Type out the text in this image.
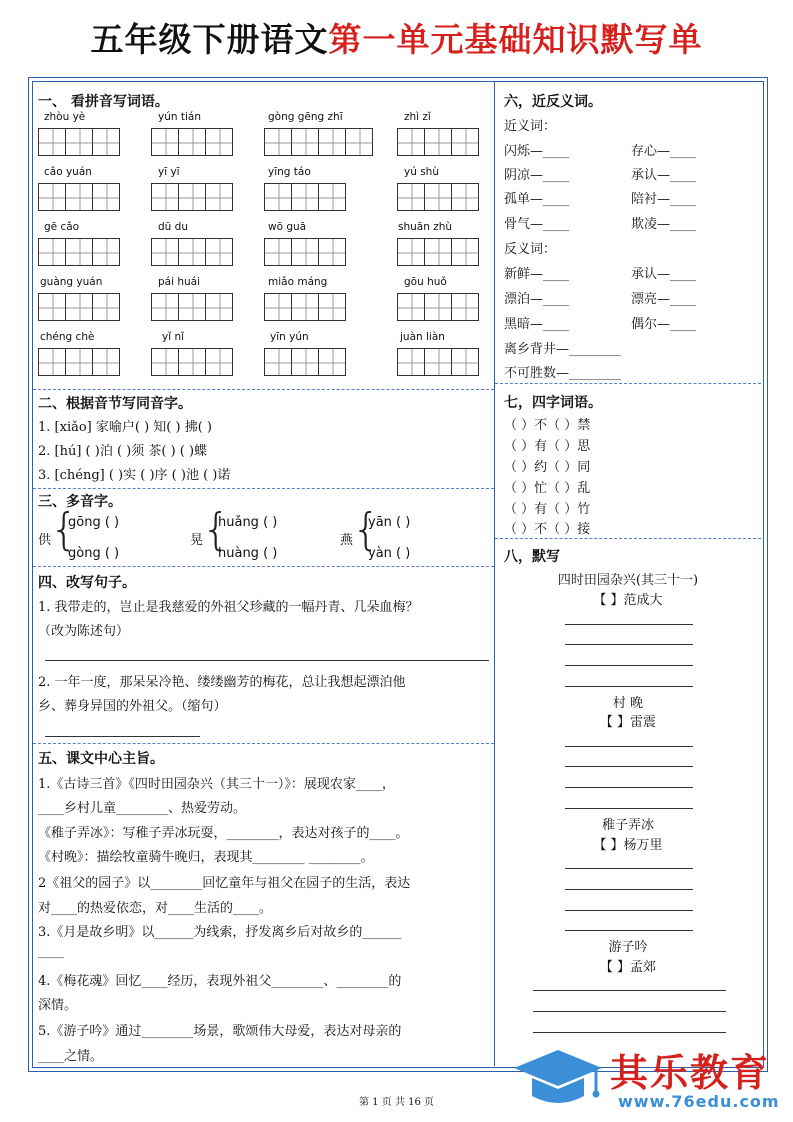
五年级下册语文第一单元基础知识默写单
一、 看拼音写词语。
zhòu yè	yún tián	gòng gēng zhī	zhì zǐ
cǎo yuán	yī yī	yīng táo	yú shù
gē cǎo	dū du	wō guā	shuān zhù
guàng yuán	pái huái	miǎo máng	gōu huǒ
chéng chè	yǐ nǐ	yīn yún	juàn liàn
二、根据音节写同音字。
1. [xiǎo] 家喻户( ) 知( ) 拂( )
2. [hú] ( )泊 ( )须 茶( ) ( )蝶
3. [chéng] ( )实 ( )序 ( )池 ( )诺
三、多音字。
供
{
gōng ( )
gòng ( )
晃
{
huǎng ( )
huàng ( )
燕
{
yān ( )
yàn ( )
四、改写句子。
1. 我带走的，岂止是我慈爱的外祖父珍藏的一幅丹青、几朵血梅？
（改为陈述句）
2. 一年一度，那呆呆冷艳、缕缕幽芳的梅花，总让我想起漂泊他
乡、葬身异国的外祖父。（缩句）
五、课文中心主旨。
1.《古诗三首》《四时田园杂兴（其三十一）》：展现农家____，
____乡村儿童________、热爱劳动。
《稚子弄冰》：写稚子弄冰玩耍，________，表达对孩子的____。
《村晚》：描绘牧童骑牛晚归，表现其________ ________。
2《祖父的园子》以________回忆童年与祖父在园子的生活，表达
对____的热爱依恋，对____生活的____。
3.《月是故乡明》以______为线索，抒发离乡后对故乡的______
____
4.《梅花魂》回忆____经历，表现外祖父________、________的
深情。
5.《游子吟》通过________场景，歌颂伟大母爱，表达对母亲的
____之情。
六，近反义词。
近义词：
闪烁—____	存心—____
阴凉—____	承认—____
孤单—____	陪衬—____
骨气—____	欺凌—____
反义词：
新鲜—____	承认—____
漂泊—____	漂亮—____
黑暗—____	偶尔—____
离乡背井—________
不可胜数—________
七，四字词语。
（ ）不（ ）禁
（ ）有（ ）思
（ ）约（ ）同
（ ）忙（ ）乱
（ ）有（ ）竹
（ ）不（ ）接
八，默写
四时田园杂兴(其三十一)
【 】范成大
村 晚
【 】雷震
稚子弄冰
【 】杨万里
游子吟
【 】孟郊
其乐教育
www.76edu.com
第 1 页 共 16 页
